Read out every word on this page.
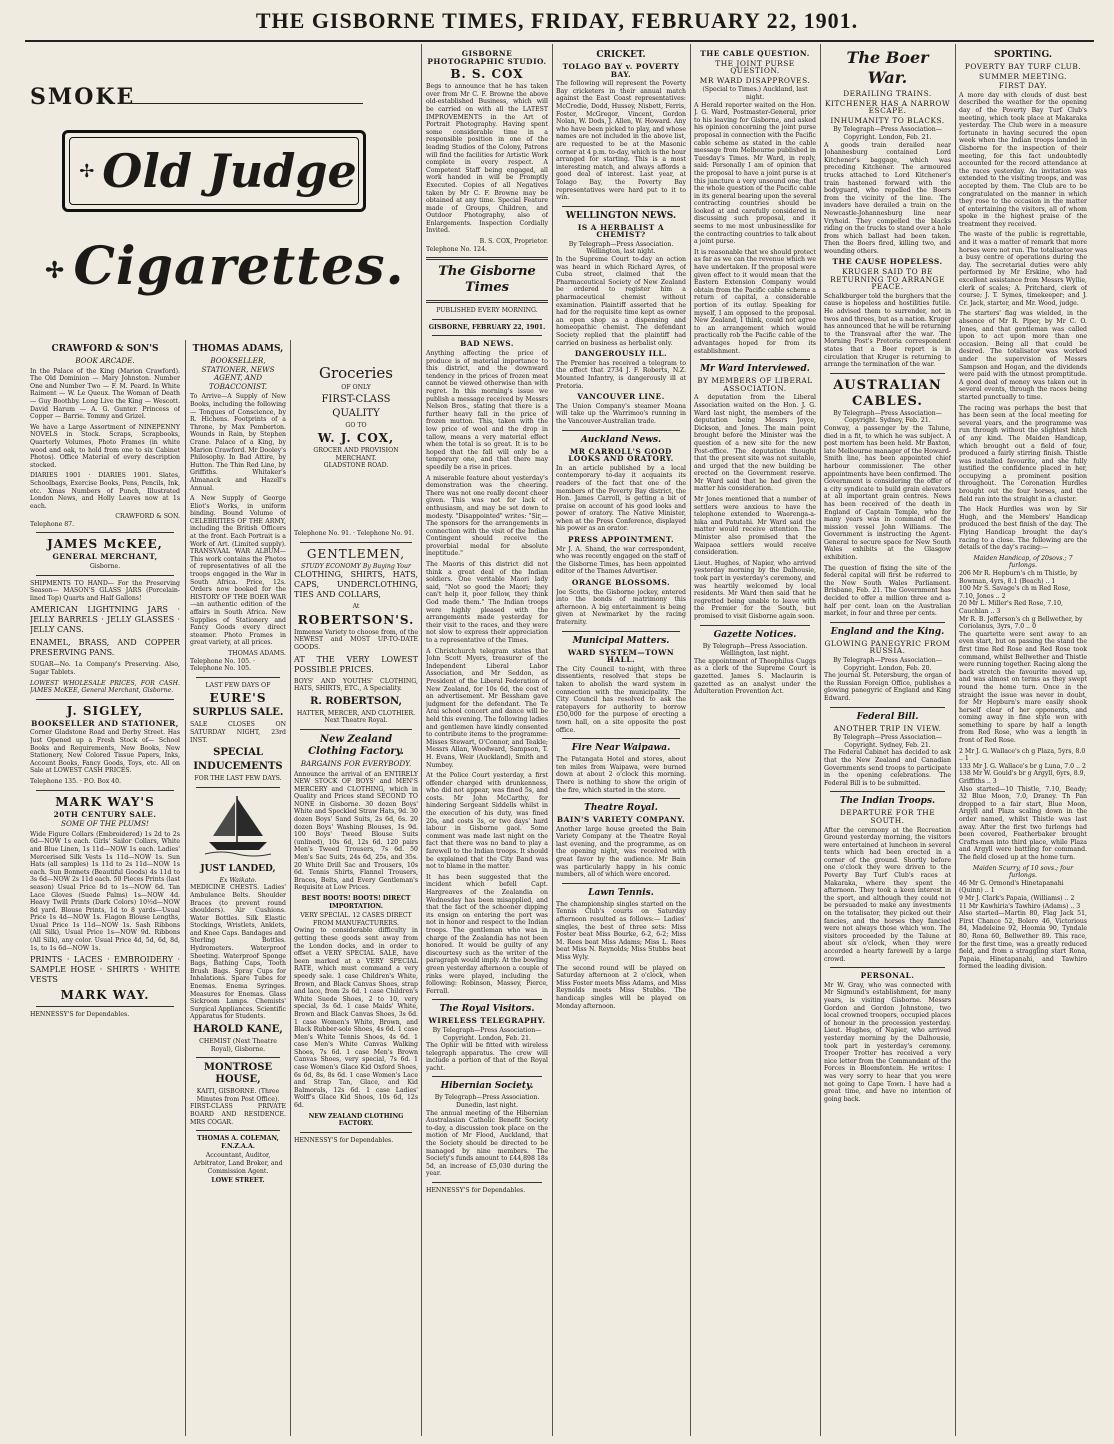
THE GISBORNE TIMES, FRIDAY, FEBRUARY 22, 1901.
SMOKE
✢ Old Judge
✢ Cigarettes.
CRAWFORD & SON'S
BOOK ARCADE.

In the Palace of the King (Marion Crawford). The Old Dominion — Mary Johnston. Number One and Number Two — F. M. Peard. In White Raiment — W. Le Queux. The Woman of Death — Guy Boothby. Long Live the King — Wescott. David Harum — A. G. Gunter. Princess of Copper — Barrie. Tommy and Grizel.

We have a Large Assortment of NINEPENNY NOVELS in Stock. Scraps, Scrapbooks, Quarterly Volumes, Photo Frames (in white wood and oak, to hold from one to six Cabinet Photos). Office Material of every description stocked.

DIARIES 1901 · DIARIES 1901. Slates, Schoolbags, Exercise Books, Pens, Pencils, Ink, etc. Xmas Numbers of Punch, Illustrated London News, and Holly Leaves now at 1s each.

CRAWFORD & SON.
Telephone 87.
JAMES McKEE,
GENERAL MERCHANT,
Gisborne.

SHIPMENTS TO HAND— For the Preserving Season— MASON'S GLASS JARS (Porcelain-lined Top) Quarts and Half Gallons!

AMERICAN LIGHTNING JARS · JELLY BARRELS · JELLY GLASSES · JELLY CANS.

ENAMEL, BRASS, AND COPPER PRESERVING PANS.

SUGAR—No. 1a Company's Preserving. Also, Sugar Tablets.

LOWEST WHOLESALE PRICES, FOR CASH. JAMES McKEE, General Merchant, Gisborne.

J. SIGLEY,
BOOKSELLER AND STATIONER,

Corner Gladstone Road and Derby Street. Has Just Opened up a Fresh Stock of— School Books and Requirements, New Books, New Stationery, New Colored Tissue Papers, Inks, Account Books, Fancy Goods, Toys, etc. All on Sale at LOWEST CASH PRICES.

Telephone 135. · P.O. Box 40.
MARK WAY'S
20TH CENTURY SALE.
SOME OF THE PLUMS!

Wide Figure Collars (Embroidered) 1s 2d to 2s 6d—NOW 1s each. Girls' Sailor Collars, White and Blue Linen, 1s 11d—NOW 1s each. Ladies' Mercerised Silk Vests 1s 11d—NOW 1s. Sun Hats (all samples) 1s 11d to 2s 11d—NOW 1s each. Sun Bonnets (Beautiful Goods) 4s 11d to 3s 6d—NOW 2s 11d each. 50 Pieces Prints (last season) Usual Price 8d to 1s—NOW 6d. Tan Lace Gloves (Suede Palms) 1s—NOW 4d. Heavy Twill Prints (Dark Colors) 10½d—NOW 8d yard. Blouse Prints, 1d to 8 yards—Usual Price 1s 4d—NOW 1s. Flagon Blouse Lengths, Usual Price 1s 11d—NOW 1s. Sash Ribbons (All Silk), Usual Price 1s—NOW 9d. Ribbons (All Silk), any color. Usual Price 4d, 5d, 6d, 8d, 1s, to 1s 6d—NOW 1s.

PRINTS · LACES · EMBROIDERY · SAMPLE HOSE · SHIRTS · WHITE VESTS

MARK WAY.
HENNESSY'S for Dependables.
THOMAS ADAMS,
BOOKSELLER, STATIONER, NEWS AGENT, AND TOBACCONIST.

To Arrive—A Supply of New Books, including the following— Tongues of Conscience, by R. Hichens. Footprints of a Throne, by Max Pemberton. Wounds in Rain, by Stephen Crane. Palace of a King, by Marion Crawford. Mr Dooley's Philosophy. In Bad Attire, by Hutton. The Thin Red Line, by Griffiths. Whitaker's Almanack and Hazell's Annual.

A New Supply of George Eliot's Works, in uniform binding. Bound Volume of CELEBRITIES OF THE ARMY, including the British Officers at the front. Each Portrait is a Work of Art. (Limited supply). TRANSVAAL WAR ALBUM—This work contains the Photos of representatives of all the troops engaged in the War in South Africa. Price, 12s. Orders now booked for the HISTORY OF THE BOER WAR—an authentic edition of the affairs in South Africa. New Supplies of Stationery and Fancy Goods every direct steamer. Photo Frames in great variety, at all prices.

THOMAS ADAMS.
Telephone No. 105. · Telephone No. 105.
LAST FEW DAYS OF
EURE'S
SURPLUS SALE.

SALE CLOSES ON SATURDAY NIGHT, 23rd INST.

SPECIAL
INDUCEMENTS
FOR THE LAST FEW DAYS.
JUST LANDED,
Ex Waikato.

MEDICINE CHESTS. Ladies' Ambulance Belts. Shoulder Braces (to prevent round shoulders). Air Cushions. Water Bottles. Silk Elastic Stockings, Wristlets, Anklets, and Knee Caps. Bandages and Sterling Bottles. Hydrometers. Waterproof Sheeting. Waterproof Sponge Bags, Bathing Caps, Tooth Brush Bags. Spray Cups for Inhalations. Spare Tubes for Enemas. Enema Syringes. Measures for Enemas. Glass Sickroom Lamps. Chemists' Surgical Appliances. Scientific Apparatus for Students.

HAROLD KANE,
CHEMIST (Next Theatre Royal), Gisborne.
MONTROSE HOUSE,
KAITI, GISBORNE. (Three Minutes from Post Office).

FIRST-CLASS PRIVATE BOARD AND RESIDENCE. MRS COGAR.

THOMAS A. COLEMAN, F.N.Z.A.A.
Accountant, Auditor, Arbitrator, Land Broker, and Commission Agent.
LOWE STREET.
Groceries
OF ONLY
FIRST-CLASS
QUALITY
GO TO
W. J. COX,
GROCER AND PROVISION MERCHANT.
GLADSTONE ROAD.
Telephone No. 91. · Telephone No. 91.
GENTLEMEN,
STUDY ECONOMY By Buying Your

CLOTHING, SHIRTS, HATS, CAPS, UNDERCLOTHING, TIES AND COLLARS,

At
ROBERTSON'S.

Immense Variety to choose from, of the NEWEST and MOST UP-TO-DATE GOODS.

AT THE VERY LOWEST POSSIBLE PRICES.

BOYS' AND YOUTHS' CLOTHING, HATS, SHIRTS, ETC., A Speciality.

R. ROBERTSON,
HATTER, MERCER, AND CLOTHIER. Next Theatre Royal.
New Zealand Clothing Factory.
BARGAINS FOR EVERYBODY.

Announce the arrival of an ENTIRELY NEW STOCK OF BOYS' and MEN'S MERCERY and CLOTHING, which in Quality and Prices stand SECOND TO NONE in Gisborne. 30 dozen Boys' White and Speckled Straw Hats, 9d. 30 dozen Boys' Sand Suits, 2s 6d, 6s. 20 dozen Boys' Washing Blouses, 1s 9d. 100 Boys' Tweed Blouse Suits (unlined), 10s 6d, 12s 6d. 120 pairs Men's Tweed Trousers, 7s 6d. 50 Men's Sac Suits, 24s 6d, 25s, and 35s. 20 White Drill Sac and Trousers, 10s 6d. Tennis Shirts, Flannel Trousers, Braces, Belts, and Every Gentleman's Requisite at Low Prices.

BEST BOOTS! BOOTS! DIRECT IMPORTATION.
VERY SPECIAL. 12 CASES DIRECT FROM MANUFACTURERS.

Owing to considerable difficulty in getting these goods sent away from the London docks, and in order to offset a VERY SPECIAL SALE, have been marked at a VERY SPECIAL RATE, which must command a very speedy sale. 1 case Children's White, Brown, and Black Canvas Shoes, strap and lace, from 2s 6d. 1 case Children's White Suede Shoes, 2 to 10, very special, 3s 6d. 1 case Maids' White, Brown and Black Canvas Shoes, 3s 6d. 1 case Women's White, Brown, and Black Rubber-sole Shoes, 4s 6d. 1 case Men's White Tennis Shoes, 4s 6d. 1 case Men's White Canvas Walking Shoes, 7s 6d. 1 case Men's Brown Canvas Shoes, very special, 7s 6d. 1 case Women's Glace Kid Oxford Shoes, 6s 6d, 8s, 8s 6d. 1 case Women's Lace and Strap Tan, Glace, and Kid Balmorals, 12s 6d. 1 case Ladies' Wolff's Glace Kid Shoes, 10s 6d, 12s 6d.

NEW ZEALAND CLOTHING FACTORY.
HENNESSY'S for Dependables.
GISBORNE PHOTOGRAPHIC STUDIO.
B. S. COX

Begs to announce that he has taken over from Mr C. F. Browne the above old-established Business, which will be carried on with all the LATEST IMPROVEMENTS in the Art of Portrait Photography. Having spent some considerable time in a responsible position in one of the leading Studios of the Colony, Patrons will find the facilities for Artistic Work complete in every respect. A Competent Staff being engaged, all work handed in will be Promptly Executed. Copies of all Negatives taken by Mr C. F. Browne may be obtained at any time. Special Feature made of Groups, Children, and Outdoor Photography, also of Enlargements. Inspection Cordially Invited.

B. S. COX, Proprietor.
Telephone No. 124.
The Gisborne Times
PUBLISHED EVERY MORNING.
GISBORNE, FEBRUARY 22, 1901.
BAD NEWS.

Anything affecting the price of produce is of material importance to this district, and the downward tendency in the prices of frozen meat cannot be viewed otherwise than with regret. In this morning's issue we publish a message received by Messrs Nelson Bros., stating that there is a further heavy fall in the price of frozen mutton. This, taken with the low price of wool and the drop in tallow, means a very material effect when the total is so great. It is to be hoped that the fall will only be a temporary one, and that there may speedily be a rise in prices.

A miserable feature about yesterday's demonstration was the cheering. There was not one really decent cheer given. This was not for lack of enthusiasm, and may be set down to modesty. "Disappointed" writes: "Sir,—The sponsors for the arrangements in connection with the visit of the Indian Contingent should receive the proverbial medal for absolute ineptitude."

The Maoris of this district did not think a great deal of the Indian soldiers. One veritable Maori lady said, "Not so good the Maori; they can't help it, poor fellow, they think God made them." The Indian troops were highly pleased with the arrangements made yesterday for their visit to the races, and they were not slow to express their appreciation to a representative of the Times.

A Christchurch telegram states that John Scott Myers, treasurer of the Independent Liberal Labor Association, and Mr Seddon, as President of the Liberal Federation of New Zealand, for 10s 6d, the cost of an advertisement. Mr Bessham gave judgment for the defendant. The Te Arai school concert and dance will be held this evening. The following ladies and gentlemen have kindly consented to contribute items to the programme: Misses Stewart, O'Connor, and Teakle; Messrs Allan, Woodward, Sampson, T. H. Evans, Weir (Auckland), Smith and Numbey.

At the Police Court yesterday, a first offender charged with drunkenness, who did not appear, was fined 5s, and costs. Mr John McCarthy, for hindering Sergeant Siddells whilst in the execution of his duty, was fined 20s, and costs 3s, or two days' hard labour in Gisborne gaol. Some comment was made last night on the fact that there was no band to play a farewell to the Indian troops. It should be explained that the City Band was not to blame in the matter.

It has been suggested that the incident which befell Capt. Hargreaves of the Zealandia on Wednesday has been misapplied, and that the fact of the schooner dipping its ensign on entering the port was not in honor and respect to the Indian troops. The gentleman who was in charge of the Zealandia has not been honored. It would be guilty of any discourtesy such as the writer of the paragraph would imply. At the bowling green yesterday afternoon a couple of rinks were played, including the following: Robinson, Massey, Pierce, Ferrall.

The Royal Visitors.
WIRELESS TELEGRAPHY.
By Telegraph—Press Association—Copyright. London, Feb. 21.

The Ophir will be fitted with wireless telegraph apparatus. The crew will include a portion of that of the Royal yacht.

Hibernian Society.
By Telegraph—Press Association. Dunedin, last night.

The annual meeting of the Hibernian Australasian Catholic Benefit Society to-day, a discussion took place on the motion of Mr Flood, Auckland, that the Society should be directed to be managed by nine members. The Society's funds amount to £44,898 18s 5d, an increase of £5,030 during the year.

HENNESSY'S for Dependables.
CRICKET.
TOLAGO BAY v. POVERTY BAY.

The following will represent the Poverty Bay cricketers in their annual match against the East Coast representatives: McCredie, Dodd, Hussey, Nisbett, Ferris, Foster, McGregor, Vincent, Gordon Nolan, W. Dods, J. Allen, W. Howard. Any who have been picked to play, and whose names are not included in the above list, are requested to be at the Masonic corner at 4 p.m. to-day, which is the hour arranged for starting. This is a most interesting match, and always affords a good deal of interest. Last year, at Tolago Bay, the Poverty Bay representatives were hard put to it to win.

WELLINGTON NEWS.
IS A HERBALIST A CHEMIST?
By Telegraph—Press Association. Wellington, last night.

In the Supreme Court to-day an action was heard in which Richard Ayres, of Cuba street, claimed that the Pharmaceutical Society of New Zealand be ordered to register him a pharmaceutical chemist without examination. Plaintiff asserted that he had for the requisite time kept as owner an open shop as a dispensing and homeopathic chemist. The defendant Society replied that the plaintiff had carried on business as herbalist only.

DANGEROUSLY ILL.

The Premier has received a telegram to the effect that 2734 J. F. Roberts, N.Z. Mounted Infantry, is dangerously ill at Pretoria.

VANCOUVER LINE.

The Union Company's steamer Moana will take up the Warrimoo's running in the Vancouver-Australian trade.

Auckland News.
MR CARROLL'S GOOD LOOKS AND ORATORY.

In an article published by a local contemporary to-day it acquaints its readers of the fact that one of the members of the Poverty Bay district, the Hon. James Carroll, is getting a bit of praise on account of his good looks and power of oratory. The Native Minister, when at the Press Conference, displayed his power as an orator.

PRESS APPOINTMENT.

Mr J. A. Shand, the war correspondent, who was recently engaged on the staff of the Gisborne Times, has been appointed editor of the Thames Advertiser.

ORANGE BLOSSOMS.

Joe Scotts, the Gisborne jockey, entered into the bonds of matrimony this afternoon. A big entertainment is being given at Newmarket by the racing fraternity.

Municipal Matters.
WARD SYSTEM—TOWN HALL.

The City Council to-night, with three dissentients, resolved that steps be taken to abolish the ward system in connection with the municipality. The City Council has resolved to ask the ratepayers for authority to borrow £50,000 for the purpose of erecting a town hall, on a site opposite the post office.

Fire Near Waipawa.

The Patangata Hotel and stores, about ten miles from Waipawa, were burned down at about 2 o'clock this morning. There is nothing to show the origin of the fire, which started in the store.

Theatre Royal.
BAIN'S VARIETY COMPANY.

Another large house greeted the Bain Variety Company at the Theatre Royal last evening, and the programme, as on the opening night, was received with great favor by the audience. Mr Bain was particularly happy in his comic numbers, all of which were encored.

Lawn Tennis.

The championship singles started on the Tennis Club's courts on Saturday afternoon resulted as follows:— Ladies' singles, the best of three sets: Miss Foster beat Miss Bourke, 6-2, 6-2; Miss M. Rees beat Miss Adams; Miss L. Rees beat Miss N. Reynolds; Miss Stubbs beat Miss Wyly.

The second round will be played on Saturday afternoon at 2 o'clock, when Miss Foster meets Miss Adams, and Miss Reynolds meets Miss Stubbs. The handicap singles will be played on Monday afternoon.

THE CABLE QUESTION.
THE JOINT PURSE QUESTION.
MR WARD DISAPPROVES.
(Special to Times.) Auckland, last night.

A Herald reporter waited on the Hon. J. G. Ward, Postmaster-General, prior to his leaving for Gisborne, and asked his opinion concerning the joint purse proposal in connection with the Pacific cable scheme as stated in the cable message from Melbourne published in Tuesday's Times. Mr Ward, in reply, said: Personally I am of opinion that the proposal to have a joint purse is at this juncture a very unsound one; that the whole question of the Pacific cable in its general bearing upon the several contracting countries should be looked at and carefully considered in discussing such proposal, and it seems to me most unbusinesslike for the contracting countries to talk about a joint purse.

It is reasonable that we should protect as far as we can the revenue which we have undertaken. If the proposal were given effect to it would mean that the Eastern Extension Company would obtain from the Pacific cable scheme a return of capital, a considerable portion of its outlay. Speaking for myself, I am opposed to the proposal. New Zealand, I think, could not agree to an arrangement which would practically rob the Pacific cable of the advantages hoped for from its establishment.

Mr Ward Interviewed.
BY MEMBERS OF LIBERAL ASSOCIATION.

A deputation from the Liberal Association waited on the Hon. J. G. Ward last night, the members of the deputation being Messrs Joyce, Dickson, and Jones. The main point brought before the Minister was the question of a new site for the new Post-office. The deputation thought that the present site was not suitable, and urged that the new building be erected on the Government reserve. Mr Ward said that he had given the matter his consideration.

Mr Jones mentioned that a number of settlers were anxious to have the telephone extended to Waerenga-a-hika and Patutahi. Mr Ward said the matter would receive attention. The Minister also promised that the Waipaoa settlers would receive consideration.

Lieut. Hughes, of Napier, who arrived yesterday morning by the Dalhousie, took part in yesterday's ceremony, and was heartily welcomed by local residents. Mr Ward then said that he regretted being unable to leave with the Premier for the South, but promised to visit Gisborne again soon.

Gazette Notices.
By Telegraph—Press Association. Wellington, last night.

The appointment of Theophilus Cuggs as a clerk of the Supreme Court is gazetted. James S. Maclaurin is gazetted as an analyst under the Adulteration Prevention Act.

The Boer War.
DERAILING TRAINS.
KITCHENER HAS A NARROW ESCAPE.
INHUMANITY TO BLACKS.
By Telegraph—Press Association—Copyright. London, Feb. 21.

A goods train derailed near Johannesburg contained Lord Kitchener's baggage, which was preceding Kitchener. The armoured trucks attached to Lord Kitchener's train hastened forward with the bodyguard, who repelled the Boers from the vicinity of the line. The invaders have derailed a train on the Newcastle-Johannesburg line near Vryheid. They compelled the blacks riding on the trucks to stand over a hole from which ballast had been taken. Then the Boers fired, killing two, and wounding others.

THE CAUSE HOPELESS.
KRUGER SAID TO BE RETURNING TO ARRANGE PEACE.

Schalkburger told the burghers that the cause is hopeless and hostilities futile. He advised them to surrender, not in twos and threes, but as a nation. Kruger has announced that he will be returning to the Transvaal after the war. The Morning Post's Pretoria correspondent states that a Boer report is in circulation that Kruger is returning to arrange the termination of the war.

AUSTRALIAN CABLES.
By Telegraph—Press Association—Copyright. Sydney, Feb. 21.

Conway, a passenger by the Talune, died in a fit, to which he was subject. A post mortem has been held. Mr Baxton, late Melbourne manager of the Howard-Smith line, has been appointed chief harbour commissioner. The other appointments have been confirmed. The Government is considering the offer of a city syndicate to build grain elevators at all important grain centres. News has been received of the death in England of Captain Temple, who for many years was in command of the mission vessel John Williams. The Government is instructing the Agent-General to secure space for New South Wales exhibits at the Glasgow exhibition.

The question of fixing the site of the federal capital will first be referred to the New South Wales Parliament. Brisbane, Feb. 21. The Government has decided to offer a million three and a-half per cent. loan on the Australian market, in four and three per cents.

England and the King.
GLOWING PANEGYRIC FROM RUSSIA.
By Telegraph—Press Association—Copyright. London, Feb. 20.

The journal St. Petersburg, the organ of the Russian Foreign Office, publishes a glowing panegyric of England and King Edward.

Federal Bill.
ANOTHER TRIP IN VIEW.
By Telegraph—Press Association—Copyright. Sydney, Feb. 21.

The Federal Cabinet has decided to ask that the New Zealand and Canadian Governments send troops to participate in the opening celebrations. The Federal Bill is to be submitted.

The Indian Troops.
DEPARTURE FOR THE SOUTH.

After the ceremony at the Recreation Ground yesterday morning, the visitors were entertained at luncheon in several tents which had been erected in a corner of the ground. Shortly before one o'clock they were driven to the Poverty Bay Turf Club's races at Makaraka, where they spent the afternoon. They took a keen interest in the sport, and although they could not be persuaded to make any investments on the totalisator, they picked out their fancies, and the horses they fancied were not always those which won. The visitors proceeded by the Talune at about six o'clock, when they were accorded a hearty farewell by a large crowd.

PERSONAL.

Mr W. Gray, who was connected with Mr Sigmund's establishment, for many years, is visiting Gisborne. Messrs Gordon and Gordon Johnstone, two local crowned troopers, occupied places of honour in the procession yesterday. Lieut. Hughes, of Napier, who arrived yesterday morning by the Dalhousie, took part in yesterday's ceremony. Trooper Trotter has received a very nice letter from the Commandant of the Forces in Bloemfontein. He writes: I was very sorry to hear that you were not going to Cape Town. I have had a great time, and have no intention of going back.

SPORTING.
POVERTY BAY TURF CLUB.
SUMMER MEETING.
FIRST DAY.

A more day with clouds of dust best described the weather for the opening day of the Poverty Bay Turf Club's meeting, which took place at Makaraka yesterday. The Club were in a measure fortunate in having secured the open week when the Indian troops landed in Gisborne for the inspection of their meeting, for this fact undoubtedly accounted for the record attendance at the races yesterday. An invitation was extended to the visiting troops, and was accepted by them. The Club are to be congratulated on the manner in which they rose to the occasion in the matter of entertaining the visitors, all of whom spoke in the highest praise of the treatment they received.

The waste of the public is regrettable, and it was a matter of remark that more horses were not run. The totalisator was a busy centre of operations during the day. The secretarial duties were ably performed by Mr Erskine, who had excellent assistance from Messrs Wyllie, clerk of scales; A. Pritchard, clerk of course; J. T. Symes, timekeeper; and J. Cr. Jack, starter, and Mr. Wood, judge.

The starters' flag was wielded, in the absence of Mr R. Piper, by Mr C. O. Jones, and that gentleman was called upon to act upon more than one occasion. Being all that could be desired. The totalisator was worked under the supervision of Messrs Sampson and Hogan, and the dividends were paid with the utmost promptitude. A good deal of money was taken out in several events, through the races being started punctually to time.

The racing was perhaps the best that has been seen at the local meeting for several years, and the programme was run through without the slightest hitch of any kind. The Maiden Handicap, which brought out a field of four, produced a fairly stirring finish. Thistle was installed favourite, and she fully justified the confidence placed in her, occupying a prominent position throughout. The Coronation Hurdles brought out the four horses, and the field ran into the straight in a cluster.

The Hack Hurdles was won by Sir Hugh, and the Members' Handicap produced the best finish of the day. The Flying Handicap brought the day's racing to a close. The following are the details of the day's racing:—

Maiden Handicap, of 20sovs.; 7 furlongs.
206 Mr R. Hepburn's ch m Thistle, by Bowman, 4yrs, 8.1 (Beach) .. 1
100 Mr S. Savage's ch m Red Rose, 7.10, Jones .. 2
20 Mr L. Miller's Red Rose, 7.10, Cauchlan .. 3
Mr R. B. Jefferson's ch g Bellwether, by Coriolanus, 3yrs, 7.0 .. 0

The quartette were sent away to an even start, but on passing the stand the first time Red Rose and Red Rose took command, whilst Bellwether and Thistle were running together. Racing along the back stretch the favourite moved up, and was almost on terms as they swept round the home turn. Once in the straight the issue was never in doubt, for Mr Hepburn's mare easily shook herself clear of her opponents, and coming away in fine style won with something to spare by half a length from Red Rose, who was a length in front of Red Rose.

2 Mr J. G. Wallace's ch g Plaza, 5yrs, 8.0 .. 1
133 Mr J. G. Wallace's br g Luna, 7.0 .. 2
138 Mr W. Gould's br g Argyll, 6yrs, 8.9, Griffiths .. 3

Also started—10 Thistle, 7.10, Beady; 32 Blue Moon, 7.0, Draney. Th Pan dropped to a fair start, Blue Moon, Argyll and Plaza scaling down in the order named, whilst Thistle was last away. After the first two furlongs had been covered, Featherbaker brought Crafts-man into third place, while Plaza and Argyll were battling for command. The field closed up at the home turn.

Maiden Scurry, of 10 sovs.; four furlongs.
46 Mr G. Ormond's Hinetapanahi (Quinn) .. 1
9 Mr J. Clark's Papaia, (Williams) .. 2
11 Mr Kawhiria's Tawhiro (Adams) .. 3

Also started—Martin 80, Flag Jack 51, First Chance 52, Bolero 46, Victorious 84, Madeleine 92, Hoomia 90, Tyndale 80, Rona 60, Bellwether 89. This race, for the first time, was a greatly reduced field, and from a straggling start Rona, Papaia, Hinetapanahi, and Tawhiro formed the leading division.
